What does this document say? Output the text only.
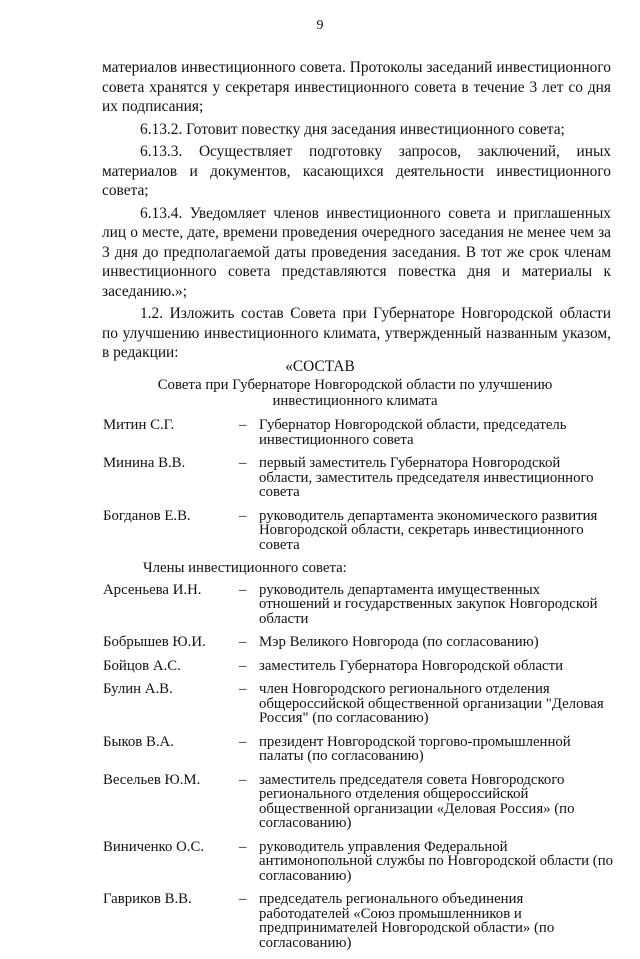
9

материалов инвестиционного совета. Протоколы заседаний инвестиционного совета хранятся у секретаря инвестиционного совета в течение 3 лет со дня их подписания;

6.13.2. Готовит повестку дня заседания инвестиционного совета;

6.13.3. Осуществляет подготовку запросов, заключений, иных материалов и документов, касающихся деятельности инвестиционного совета;

6.13.4. Уведомляет членов инвестиционного совета и приглашенных лиц о месте, дате, времени проведения очередного заседания не менее чем за 3 дня до предполагаемой даты проведения заседания. В тот же срок членам инвестиционного совета представляются повестка дня и материалы к заседанию.»;

1.2. Изложить состав Совета при Губернаторе Новгородской области по улучшению инвестиционного климата, утвержденный названным указом, в редакции:

«СОСТАВ
Совета при Губернаторе Новгородской области по улучшению инвестиционного климата
Митин С.Г.	– Губернатор Новгородской области, председатель инвестиционного совета
Минина В.В.	– первый заместитель Губернатора Новгородской области, заместитель председателя инвестиционного совета
Богданов Е.В.	– руководитель департамента экономического развития Новгородской области, секретарь инвестиционного совета
Члены инвестиционного совета:
Арсеньева И.Н.	– руководитель департамента имущественных отношений и государственных закупок Новгородской области
Бобрышев Ю.И.	– Мэр Великого Новгорода (по согласованию)
Бойцов А.С.	– заместитель Губернатора Новгородской области
Булин А.В.	– член Новгородского регионального отделения общероссийской общественной организации "Деловая Россия" (по согласованию)
Быков В.А.	– президент Новгородской торгово-промышленной палаты (по согласованию)
Весельев Ю.М.	– заместитель председателя совета Новгородского регионального отделения общероссийской общественной организации «Деловая Россия» (по согласованию)
Виниченко О.С.	– руководитель управления Федеральной антимонопольной службы по Новгородской области (по согласованию)
Гавриков В.В.	– председатель регионального объединения работодателей «Союз промышленников и предпринимателей Новгородской области» (по согласованию)
